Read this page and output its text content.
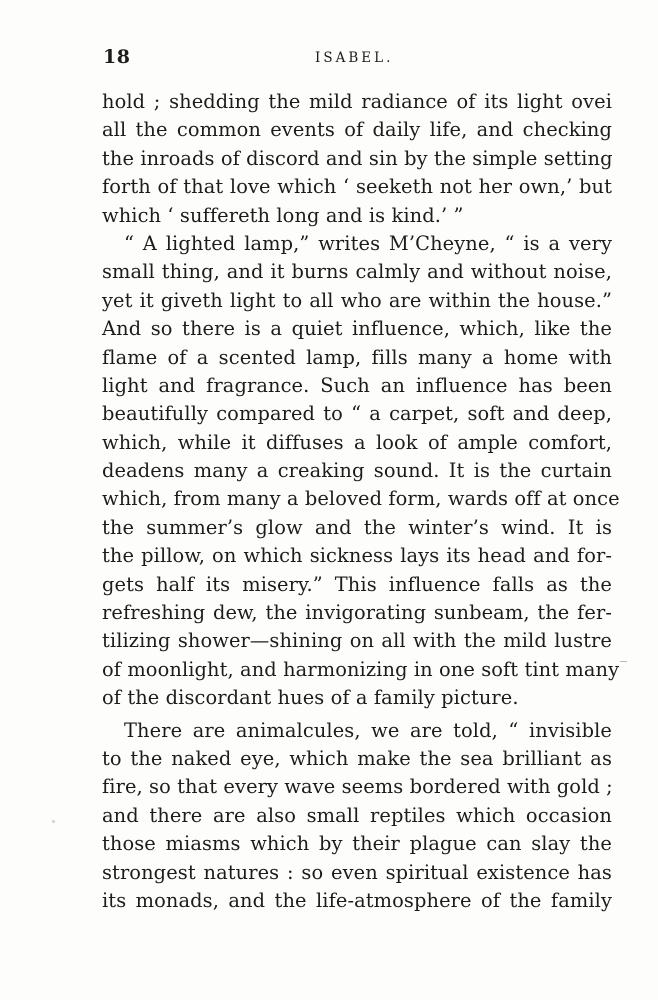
18	ISABEL.
hold ; shedding the mild radiance of its light ovei
all the common events of daily life, and checking
the inroads of discord and sin by the simple setting
forth of that love which ‘ seeketh not her own,’ but
which ‘ suffereth long and is kind.’ ”
“ A lighted lamp,” writes M’Cheyne, “ is a very
small thing, and it burns calmly and without noise,
yet it giveth light to all who are within the house.”
And so there is a quiet influence, which, like the
flame of a scented lamp, fills many a home with
light and fragrance. Such an influence has been
beautifully compared to “ a carpet, soft and deep,
which, while it diffuses a look of ample comfort,
deadens many a creaking sound. It is the curtain
which, from many a beloved form, wards off at once
the summer’s glow and the winter’s wind. It is
the pillow, on which sickness lays its head and for-
gets half its misery.” This influence falls as the
refreshing dew, the invigorating sunbeam, the fer-
tilizing shower—shining on all with the mild lustre
of moonlight, and harmonizing in one soft tint many
of the discordant hues of a family picture.
There are animalcules, we are told, “ invisible
to the naked eye, which make the sea brilliant as
fire, so that every wave seems bordered with gold ;
and there are also small reptiles which occasion
those miasms which by their plague can slay the
strongest natures : so even spiritual existence has
its monads, and the life-atmosphere of the family
